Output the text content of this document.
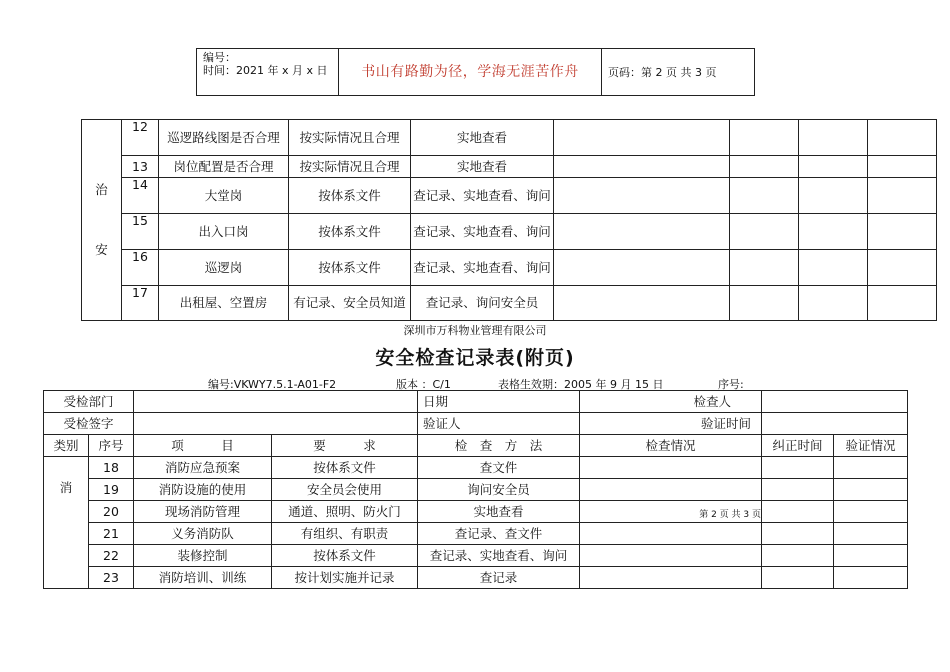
编号：
时间：2021 年 x 月 x 日	书山有路勤为径，学海无涯苦作舟	页码：第 2 页 共 3 页
治
安	12	巡逻路线图是否合理	按实际情况且合理	实地查看				
	13	岗位配置是否合理	按实际情况且合理	实地查看				
	14	大堂岗	按体系文件	查记录、实地查看、询问				
	15	出入口岗	按体系文件	查记录、实地查看、询问				
	16	巡逻岗	按体系文件	查记录、实地查看、询问				
	17	出租屋、空置房	有记录、安全员知道	查记录、询问安全员				
深圳市万科物业管理有限公司
安全检查记录表(附页)
编号:VKWY7.5.1-A01-F2	版本 ：C/1	表格生效期：2005 年 9 月 15 日	序号:
受检部门				日期	检查人		
受检签字				验证人	验证时间		
类别	序号	项　　　目	要　　　求	检　查　方　法	检查情况	纠正时间	验证情况
消	18	消防应急预案	按体系文件	查文件			
	19	消防设施的使用	安全员会使用	询问安全员			
	20	现场消防管理	通道、照明、防火门	实地查看	第 2 页 共 3 页		
	21	义务消防队	有组织、有职责	查记录、查文件			
	22	装修控制	按体系文件	查记录、实地查看、询问			
	23	消防培训、训练	按计划实施并记录	查记录			
